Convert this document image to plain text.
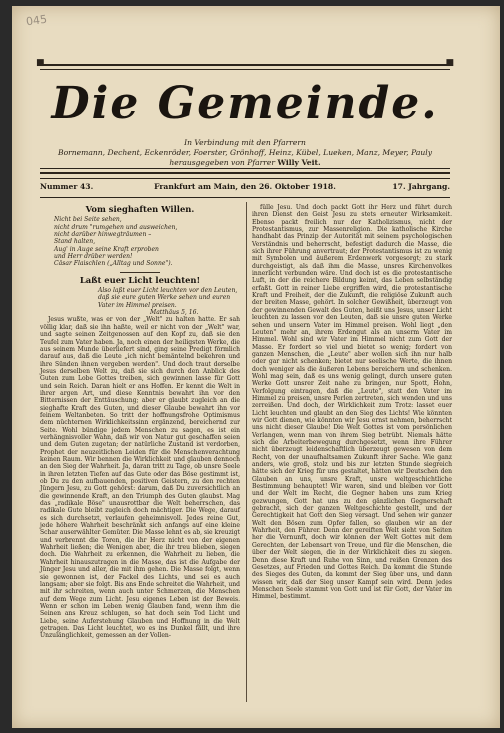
045
■	■
Die Gemeinde.
In Verbindung mit den Pfarrern
Bornemann, Dechent, Eckenröder, Foerster, Grönhoff, Heinz, Kübel, Lueken, Manz, Meyer, Pauly
herausgegeben von Pfarrer Willy Veit.
Nummer 43.	Frankfurt am Main, den 26. Oktober 1918.	17. Jahrgang.
Vom sieghaften Willen.
Nicht bei Seite sehen,
nicht drum "rumgehen und ausweichen,
nicht darüber hinwegträumen –
Stand halten,
Aug' in Auge seine Kraft erproben
und Herr drüber werden!
Cäsar Flaischlen („Alltag und Sonne").
Laßt euer Licht leuchten!
Also laßt euer Licht leuchten vor den Leuten, daß sie eure guten Werke sehen und euren Vater im Himmel preisen.
Matthäus 5, 16.

Jesus wußte, was er von der „Welt" zu halten hatte. Er sah völlig klar, daß sie ihn haßte, weil er nicht von der „Welt" war, und sagte seinen Zeitgenossen auf den Kopf zu, daß sie den Teufel zum Vater haben. Ja, noch einen der heiligsten Werke, die aus seinem Munde überliefert sind, ging seine Predigt förmlich darauf aus, daß die Leute „ich nicht bemäntelnd bekehren und ihre Sünden ihnen vergeben werden". Und doch traut derselbe Jesus derselben Welt zu, daß sie sich durch den Anblick des Guten zum Lobe Gottes treiben, sich gewinnen lasse für Gott und sein Reich. Daran hielt er ans Hoffen. Er kennt die Welt in ihrer argen Art, und diese Kenntnis bewahrt ihn vor den Bitternissen der Enttäuschung; aber er glaubt zugleich an die sieghafte Kraft des Guten, und dieser Glaube bewahrt ihn vor feinem Weltanbeten. So tritt der hoffnungsfrohe Optimismus dem nüchternen Wirklichkeitssinn ergänzend, bereichernd zur Seite. Wohl bündige jedem Menschen zu sagen, es ist ein verhängnisvoller Wahn, daß wir von Natur gut geschaffen seien und dem Guten zugetan; der natürliche Zustand ist verdorben, Prophet der neuzeitlichen Leiden für die Menschenverachtung keinen Raum. Wir bennen die Wirklichkeit und glauben dennoch an den Sieg der Wahrheit. Ja, daran tritt zu Tage, ob unsre Seele in ihren letzten Tiefen auf das Gute oder das Böse gestimmt ist, ob Du zu den aufbauenden, positiven Geistern, zu den rechten Jüngern Jesu, zu Gott gehörst: darum, daß Du zuversichtlich an die gewinnende Kraft, an den Triumph des Guten glaubst. Mag das „radikale Böse" unausrottbar die Welt beherrschen, das radikale Gute bleibt zugleich doch mächtiger. Die Wege, darauf es sich durchsetzt, verlaufen geheimnisvoll. Jedes reine Gut, jede höhere Wahrheit beschränkt sich anfangs auf eine kleine Schar auserwählter Gemüter. Die Masse lehnt es ab, sie kreuzigt und verbrennt die Toren, die ihr Herz nicht von der eigenen Wahrheit ließen; die Wenigen aber, die ihr treu blieben, siegen doch. Die Wahrheit zu erkennen, die Wahrheit zu lieben, die Wahrheit hinauszutragen in die Masse, das ist die Aufgabe der Jünger Jesu und aller, die mit ihm gehen. Die Masse folgt, wenn sie gewonnen ist, der Fackel des Lichts, und sei es auch langsam; aber sie folgt. Bis ans Ende schreitet die Wahrheit, und mit ihr schreiten, wenn auch unter Schmerzen, die Menschen auf dem Wege zum Licht. Jesu eigenes Leben ist der Beweis. Wenn er schon im Leben wenig Glauben fand, wenn ihm die Seinen ans Kreuz schlugen, so hat doch sein Tod Licht und Liebe, seine Auferstehung Glauben und Hoffnung in die Welt getragen. Das Licht leuchtet, wo es ins Dunkel fällt, und ihre Unzulänglichkeit, gemessen an der Vollen-

fülle Jesu. Und doch packt Gott ihr Herz und führt durch ihren Dienst den Geist Jesu zu stets erneuter Wirksamkeit. Ebenso packt freilich nur der Katholizismus, nicht der Protestantismus, zur Massenreligion. Die katholische Kirche handhabt das Prinzip der Autorität mit seinem psychologischen Verständnis und beherrscht, befestigt dadurch die Masse, die sich ihrer Führung anvertraut; der Protestantismus ist zu wenig mit Symbolen und äußerem Erdenwerk vorgesorgt; zu stark durchgeistigt, als daß ihm die Masse, unsres Kirchenvolkes innerlicht verbunden wäre. Und doch ist es die protestantische Luft, in der die reichere Bildung keimt, das Leben selbständig erfaßt. Gott in reiner Liebe ergriffen wird, die protestantische Kraft und Freiheit, der die Zukunft, die religiöse Zukunft auch der breiten Masse, gehört. In solcher Gewißheit, überzeugt von der gewinnenden Gewalt des Guten, heißt uns Jesus, unser Licht leuchten zu lassen vor den Leuten, daß sie unsre guten Werke sehen und unsern Vater im Himmel preisen. Wohl liegt „den Leuten" mehr an, ihrem Erdengut als an unserm Vater im Himmel. Wohl sind wir Vater im Himmel nicht zum Gott der Masse. Er fordert so viel und bietet so wenig; fordert von ganzen Menschen, die „Leute" aber wollen sich ihn nur halb oder gar nicht schenken; bietet nur seelische Werte, die ihnen doch weniger als die äußeren Lebens bereichern und schenken. Wohl mag sein, daß es uns wenig gelingt, durch unsere guten Werke Gott unsrer Zeit nahe zu bringen, nur Spott, Hohn, Verfolgung eintragen, daß die „Leute", statt den Vater im Himmel zu preisen, unsre Perlen zertreten, sich wenden und uns zerreißen. Und doch, der Wirklichkeit zum Trotz: lasset euer Licht leuchten und glaubt an den Sieg des Lichts! Wie könnten wir Gott dienen, wie könnten wir Jesu ernst nehmen, beherrscht uns nicht dieser Glaube! Die Welt Gottes ist vom persönlichen Verlangen, wenn man von ihrem Sieg betrübt. Niemals hätte sich die Arbeiterbewegung durchgesetzt, wenn ihre Führer nicht überzeugt leidenschaftlich überzeugt gewesen von dem Recht, von der unaufhaltsamen Zukunft ihrer Sache. Wie ganz anders, wie groß, stolz und bis zur letzten Stunde siegreich hätte sich der Krieg für uns gestaltet, hätten wir Deutschen den Glauben an uns, unsre Kraft, unsre weltgeschichtliche Bestimmung behauptet! Wir waren, sind und bleiben vor Gott und der Welt im Recht, die Gegner haben uns zum Krieg gezwungen, Gott hat uns zu den gänzlichen Gegnerschaft gebracht, sich der ganzen Weltgeschichte gestellt, und der Gerechtigkeit hat Gott den Sieg versagt. Und sehen wir ganzer Welt den Bösen zum Opfer fallen, so glauben wir an der Wahrheit, den Führer. Denn der gereiften Welt sieht von Seiten her die Vernunft, doch wir können der Welt Gottes mit dem Gerechten, der Lebensart von Treue, und für die Menschen, die über der Welt siegen, die in der Wirklichkeit dies zu siegen. Denn diese Kraft und Ruhe von Sinn, und reißen Grenzen des Gesetzes, auf Frieden und Gottes Reich. Da kommt die Stunde des Sieges des Guten, da kommt der Sieg über uns, und dann wissen wir, daß der Sieg unser Kampf sein wird. Denn jedes Menschen Seele stammt von Gott und ist für Gott, der Vater im Himmel, bestimmt.
